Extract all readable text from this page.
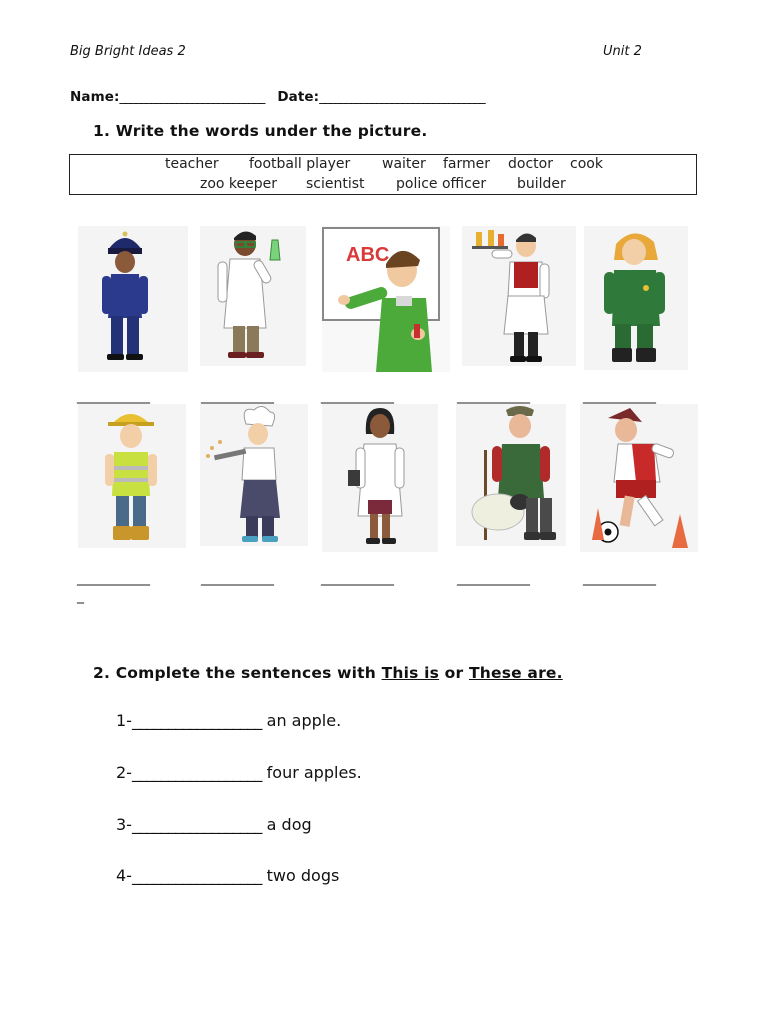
Big Bright Ideas 2	Unit 2
Name:____________________________ Date:________________________________
1. Write the words under the picture.
teacher football player waiter farmer doctor cook
zoo keeper scientist police officer builder
ABC
_____________	_____________	_____________	_____________	_____________
_____________	_____________	_____________	_____________	_____________
_
2. Complete the sentences with This is or These are.
1-__________________ an apple.
2-__________________ four apples.
3-__________________ a dog
4-__________________ two dogs
